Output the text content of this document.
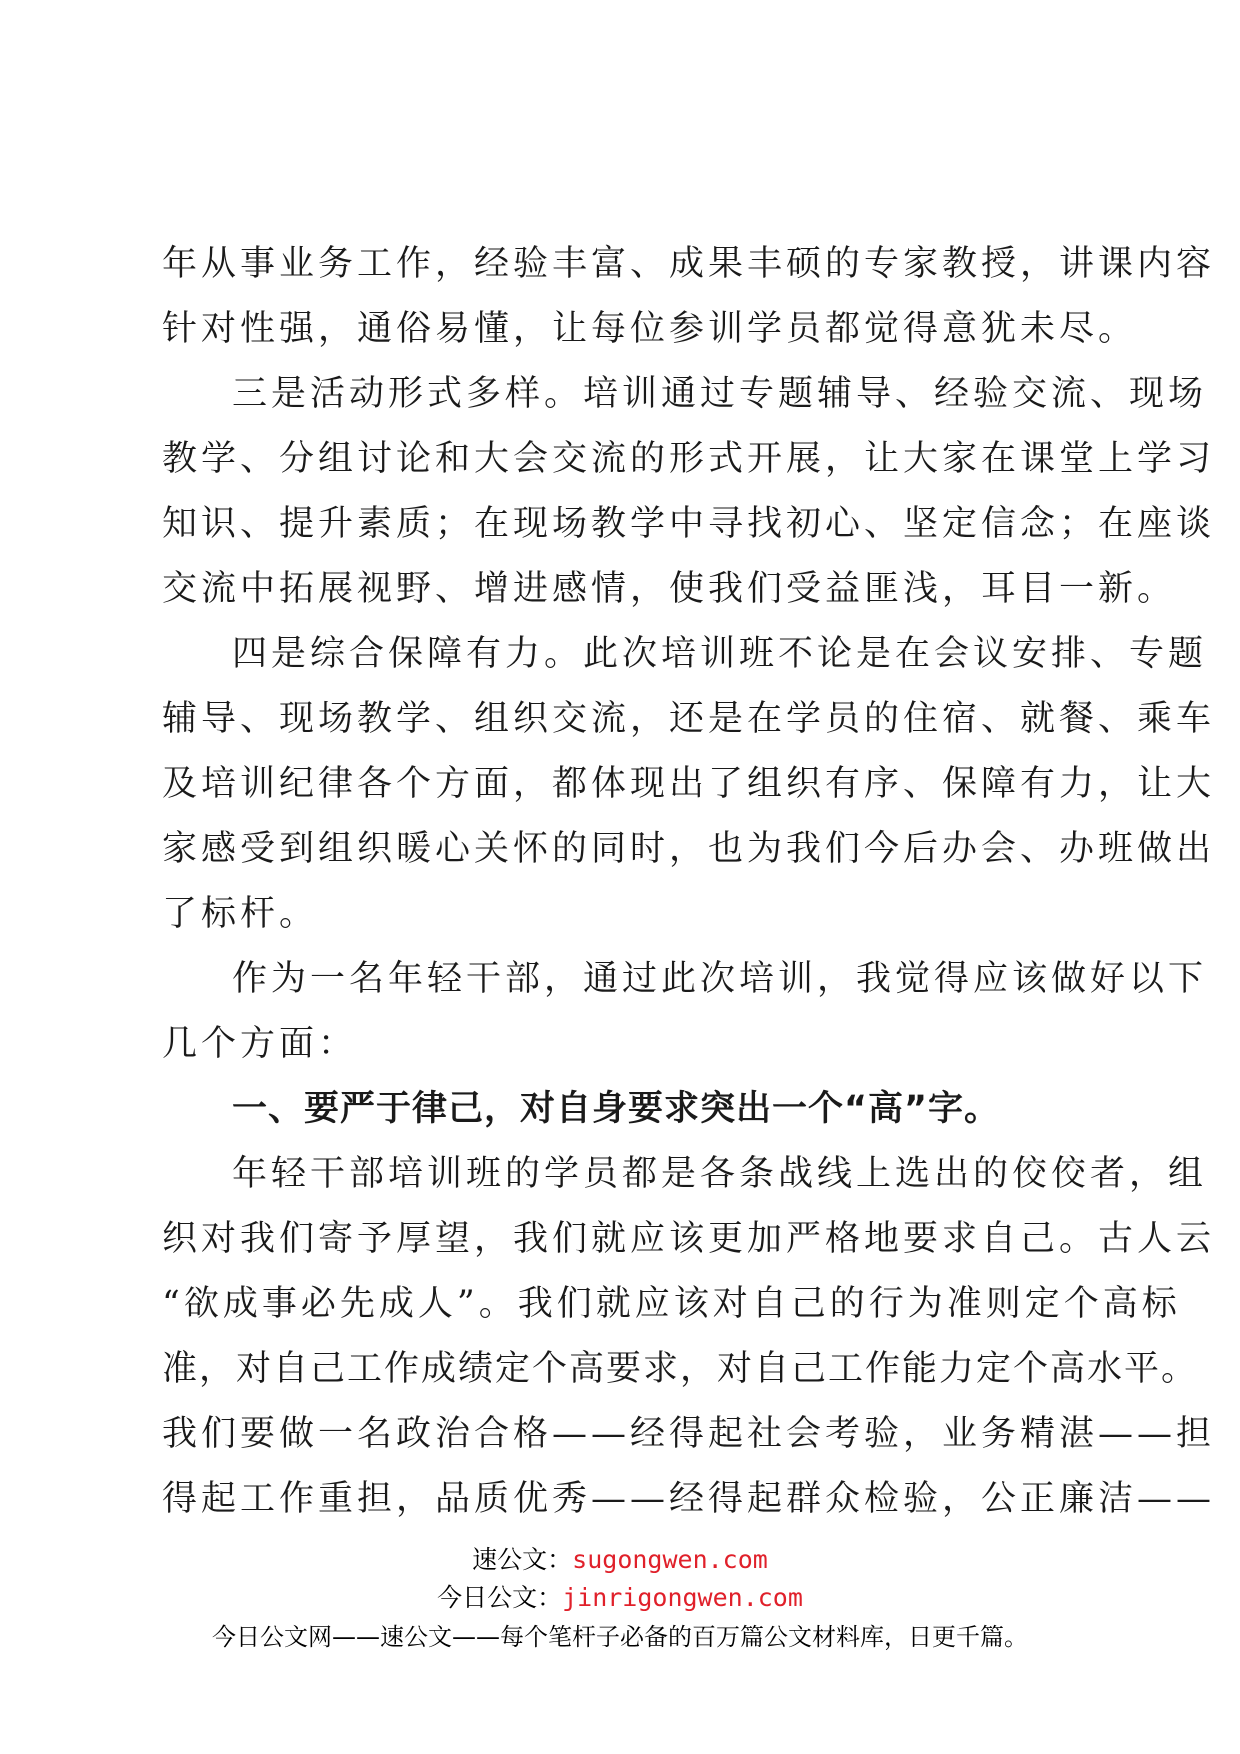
年从事业务工作，经验丰富、成果丰硕的专家教授，讲课内容
针对性强，通俗易懂，让每位参训学员都觉得意犹未尽。
三是活动形式多样。培训通过专题辅导、经验交流、现场
教学、分组讨论和大会交流的形式开展，让大家在课堂上学习
知识、提升素质；在现场教学中寻找初心、坚定信念；在座谈
交流中拓展视野、增进感情，使我们受益匪浅，耳目一新。
四是综合保障有力。此次培训班不论是在会议安排、专题
辅导、现场教学、组织交流，还是在学员的住宿、就餐、乘车
及培训纪律各个方面，都体现出了组织有序、保障有力，让大
家感受到组织暖心关怀的同时，也为我们今后办会、办班做出
了标杆。
作为一名年轻干部，通过此次培训，我觉得应该做好以下
几个方面：
一、要严于律己，对自身要求突出一个“高”字。
年轻干部培训班的学员都是各条战线上选出的佼佼者，组
织对我们寄予厚望，我们就应该更加严格地要求自己。古人云
“欲成事必先成人”。我们就应该对自己的行为准则定个高标
准，对自己工作成绩定个高要求，对自己工作能力定个高水平。
我们要做一名政治合格——经得起社会考验，业务精湛——担
得起工作重担，品质优秀——经得起群众检验，公正廉洁——
速公文：sugongwen.com
今日公文：jinrigongwen.com
今日公文网——速公文——每个笔杆子必备的百万篇公文材料库，日更千篇。
